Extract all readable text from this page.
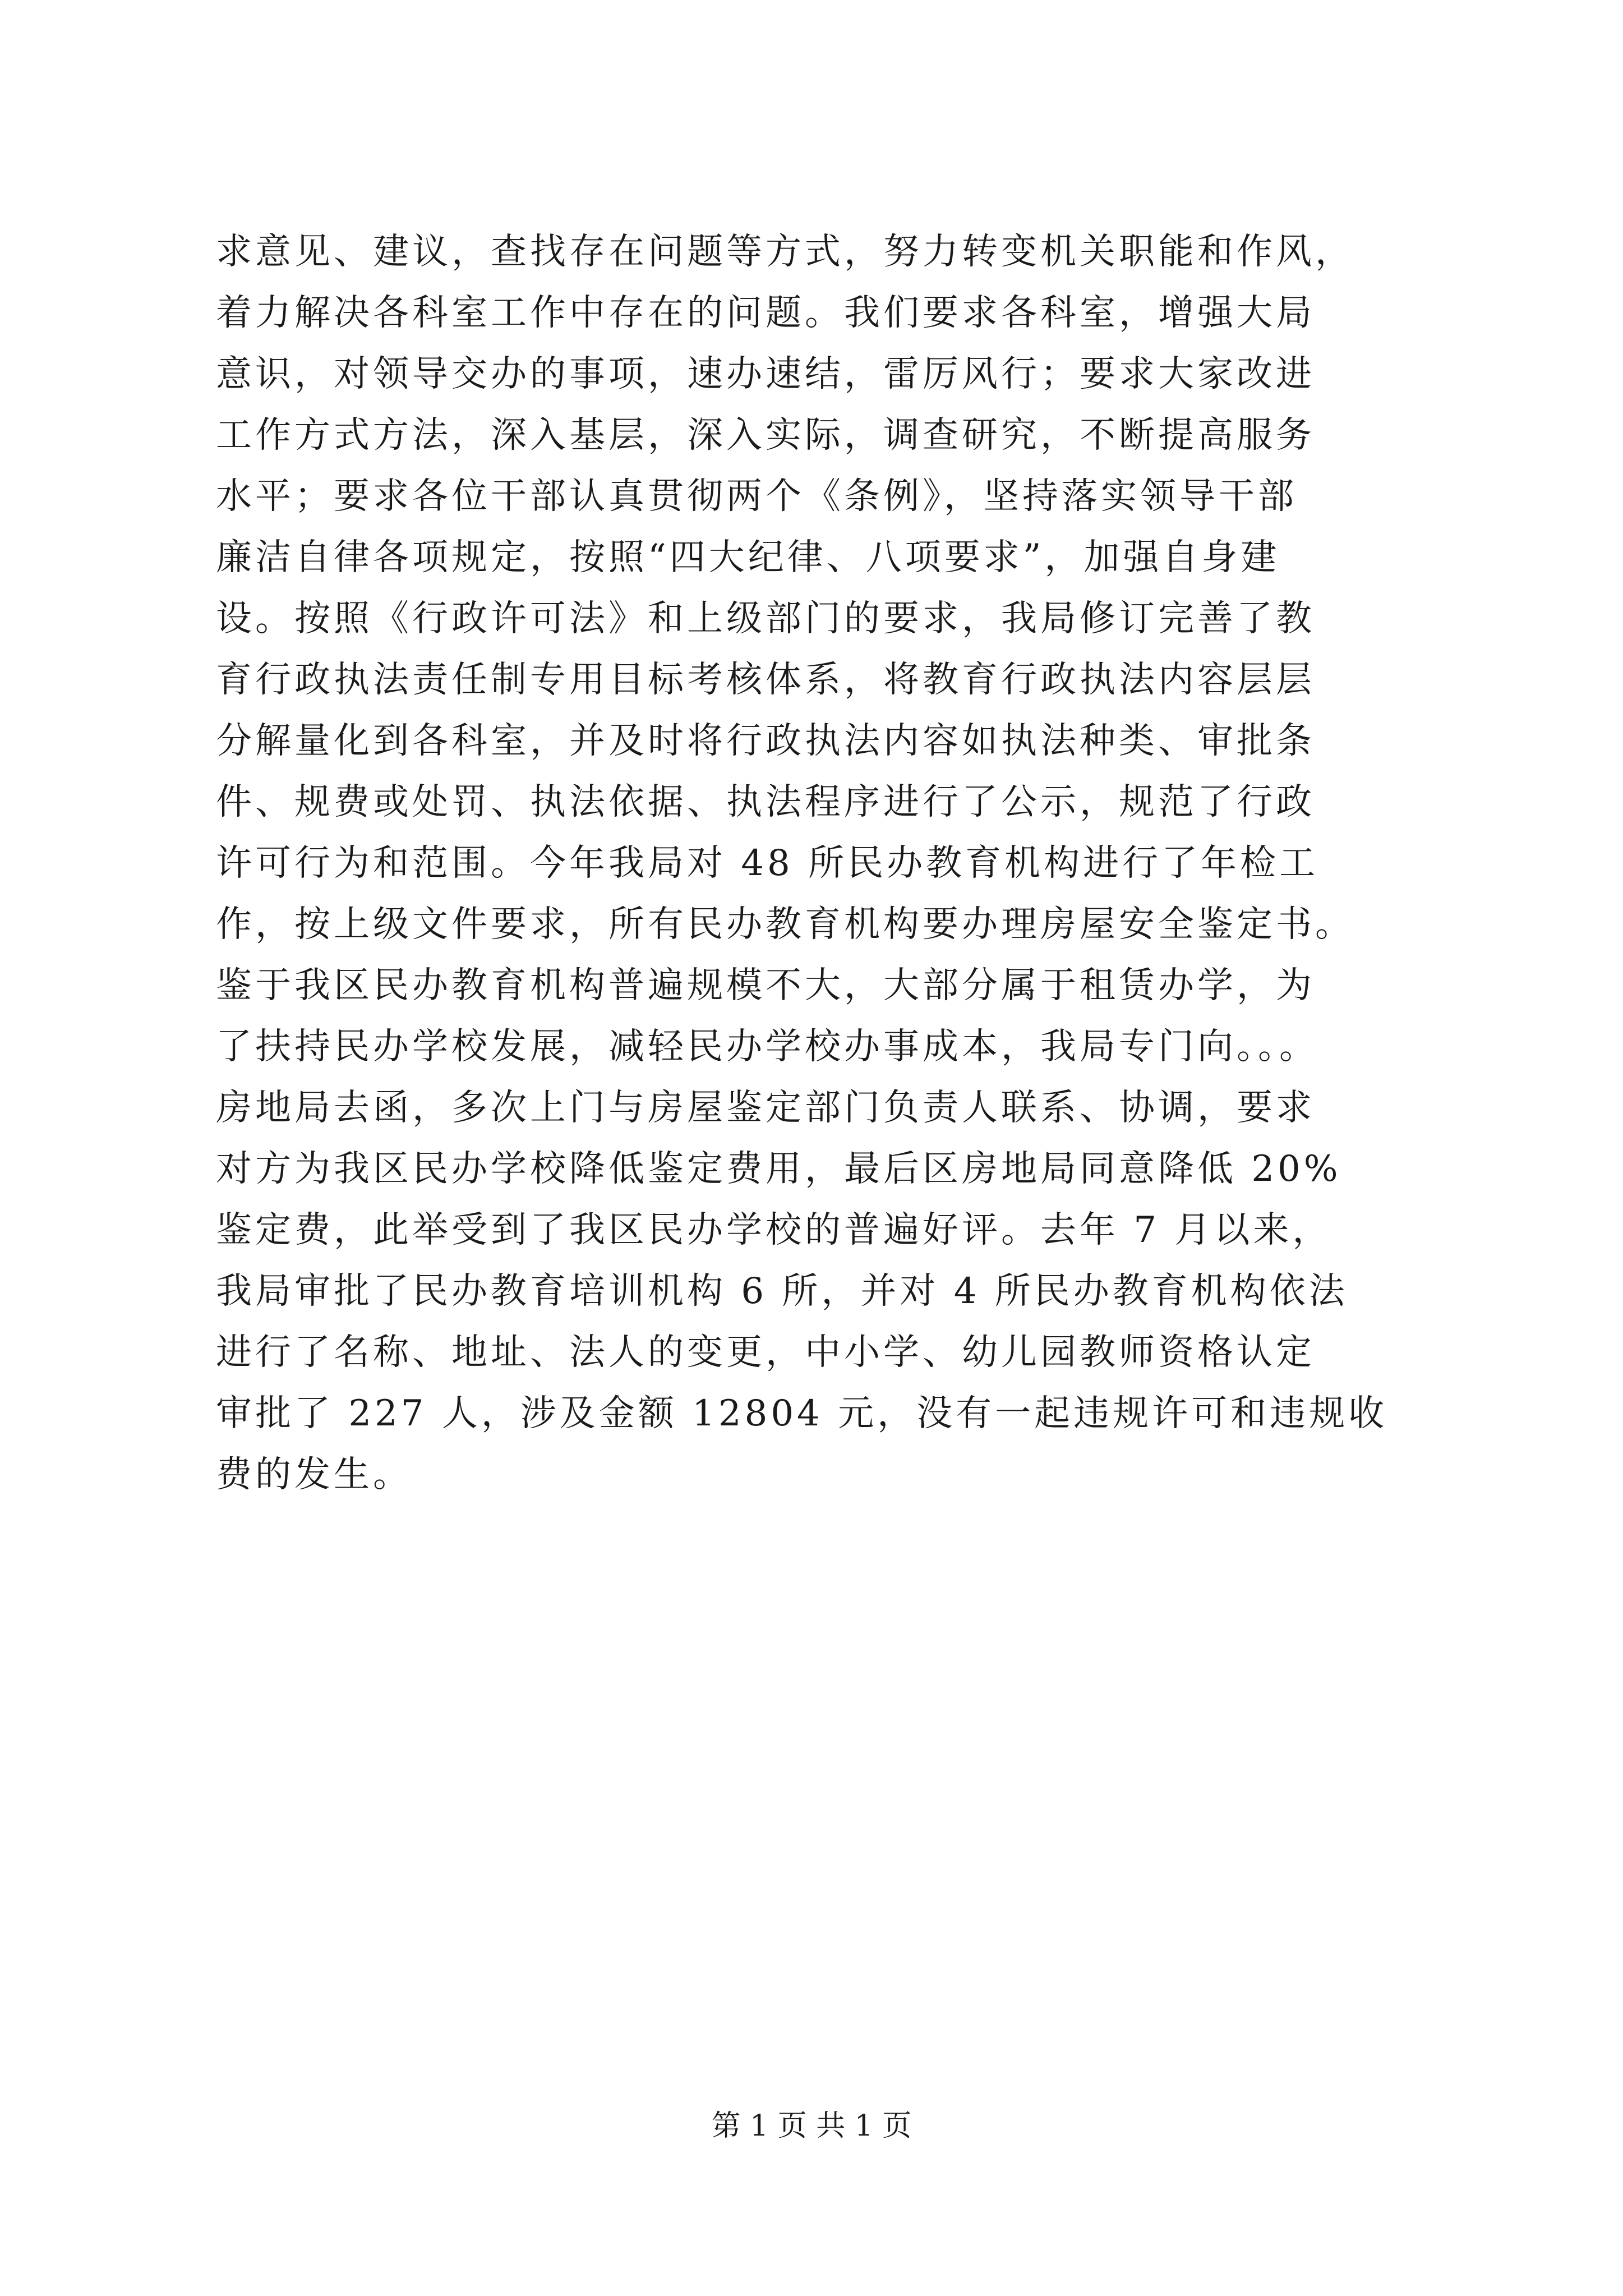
求意见、建议，查找存在问题等方式，努力转变机关职能和作风，
着力解决各科室工作中存在的问题。我们要求各科室，增强大局
意识，对领导交办的事项，速办速结，雷厉风行；要求大家改进
工作方式方法，深入基层，深入实际，调查研究，不断提高服务
水平；要求各位干部认真贯彻两个《条例》，坚持落实领导干部
廉洁自律各项规定，按照“四大纪律、八项要求”，加强自身建
设。按照《行政许可法》和上级部门的要求，我局修订完善了教
育行政执法责任制专用目标考核体系，将教育行政执法内容层层
分解量化到各科室，并及时将行政执法内容如执法种类、审批条
件、规费或处罚、执法依据、执法程序进行了公示，规范了行政
许可行为和范围。今年我局对 48 所民办教育机构进行了年检工
作，按上级文件要求，所有民办教育机构要办理房屋安全鉴定书。
鉴于我区民办教育机构普遍规模不大，大部分属于租赁办学，为
了扶持民办学校发展，减轻民办学校办事成本，我局专门向。。。
房地局去函，多次上门与房屋鉴定部门负责人联系、协调，要求
对方为我区民办学校降低鉴定费用，最后区房地局同意降低 20%
鉴定费，此举受到了我区民办学校的普遍好评。去年 7 月以来，
我局审批了民办教育培训机构 6 所，并对 4 所民办教育机构依法
进行了名称、地址、法人的变更，中小学、幼儿园教师资格认定
审批了 227 人，涉及金额 12804 元，没有一起违规许可和违规收
费的发生。
第 1 页 共 1 页
